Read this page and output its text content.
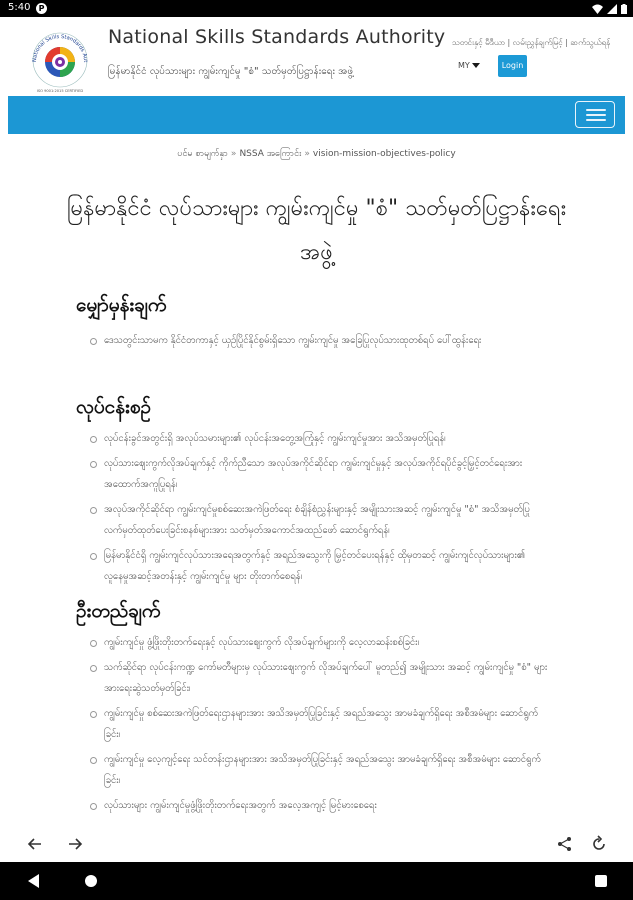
5:40	P
National Skills Standards Aut
ISO 9001:2015 CERTIFIED
National Skills Standards Authority
မြန်မာနိုင်ငံ လုပ်သားများ ကျွမ်းကျင်မှု "စံ" သတ်မှတ်ပြဋ္ဌာန်းရေး အဖွဲ့
သတင်းနှင့် မီဒီယာ | လမ်းညွှန်ချက်မြင့် | ဆက်သွယ်ရန်
MY	Login
ပင်မ စာမျက်နှာ » NSSA အကြောင်း » vision-mission-objectives-policy
မြန်မာနိုင်ငံ လုပ်သားများ ကျွမ်းကျင်မှု "စံ" သတ်မှတ်ပြဋ္ဌာန်းရေးအဖွဲ့
မျှော်မှန်းချက်
ဒေသတွင်းသာမက နိုင်ငံတကာနှင့် ယှဉ်ပြိုင်နိုင်စွမ်းရှိသော ကျွမ်းကျင်မှု အခြေပြုလုပ်သားထုတစ်ရပ် ပေါ်ထွန်းရေး
လုပ်ငန်းစဉ်
လုပ်ငန်းခွင်အတွင်းရှိ အလုပ်သမားများ၏ လုပ်ငန်းအတွေ့အကြုံနှင့် ကျွမ်းကျင်မှုအား အသိအမှတ်ပြုရန်၊
လုပ်သားဈေးကွက်လိုအပ်ချက်နှင့် ကိုက်ညီသော အလုပ်အကိုင်ဆိုင်ရာ ကျွမ်းကျင်မှုနှင့် အလုပ်အကိုင်ရပိုင်ခွင့်မြှင့်တင်ရေးအား အထောက်အကူပြုရန်၊
အလုပ်အကိုင်ဆိုင်ရာ ကျွမ်းကျင်မှုစစ်ဆေးအကဲဖြတ်ရေး စံချိန်စံညွှန်းများနှင့် အမျိုးသားအဆင့် ကျွမ်းကျင်မှု "စံ" အသိအမှတ်ပြုလက်မှတ်ထုတ်ပေးခြင်းစနစ်များအား သတ်မှတ်အကောင်အထည်ဖော် ဆောင်ရွက်ရန်၊
မြန်မာနိုင်ငံရှိ ကျွမ်းကျင်လုပ်သားအရေအတွက်နှင့် အရည်အသွေးကို မြှင့်တင်ပေးရန်နှင့် ထိုမှတဆင့် ကျွမ်းကျင်လုပ်သားများ၏ လူနေမှုအဆင့်အတန်းနှင့် ကျွမ်းကျင်မှု များ တိုးတက်စေရန်၊
ဦးတည်ချက်
ကျွမ်းကျင်မှု ဖွံ့ဖြိုးတိုးတက်ရေးနှင့် လုပ်သားဈေးကွက် လိုအပ်ချက်များကို လေ့လာဆန်းစစ်ခြင်း၊
သက်ဆိုင်ရာ လုပ်ငန်းကဏ္ဍ ကော်မတီများမှ လုပ်သားဈေးကွက် လိုအပ်ချက်ပေါ် မူတည်၍ အမျိုးသား အဆင့် ကျွမ်းကျင်မှု "စံ" များအားရေးဆွဲသတ်မှတ်ခြင်း၊
ကျွမ်းကျင်မှု စစ်ဆေးအကဲဖြတ်ရေးဌာနများအား အသိအမှတ်ပြုခြင်းနှင့် အရည်အသွေး အာမခံချက်ရှိရေး အစီအမံများ ဆောင်ရွက်ခြင်း၊
ကျွမ်းကျင်မှု လေ့ကျင့်ရေး သင်တန်းဌာနများအား အသိအမှတ်ပြုခြင်းနှင့် အရည်အသွေး အာမခံချက်ရှိရေး အစီအမံများ ဆောင်ရွက်ခြင်း၊
လုပ်သားများ ကျွမ်းကျင်မှုဖွံ့ဖြိုးတိုးတက်ရေးအတွက် အလေ့အကျင့် မြင့်မားစေရေး
